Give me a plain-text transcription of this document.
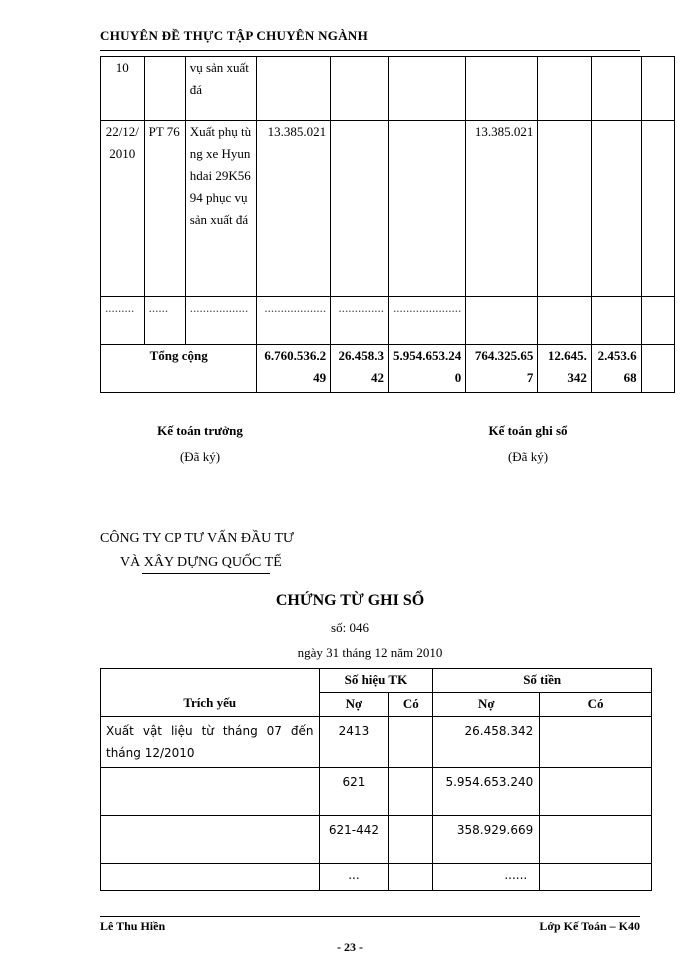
CHUYÊN ĐỀ THỰC TẬP CHUYÊN NGÀNH
10		vụ sản xuất đá							
22/12/2010	PT 76	Xuất phụ tùng xe Hyunhdai 29K5694 phục vụ sản xuất đá	13.385.021			13.385.021			
.........	......	..................	...................	..............	.....................				
Tổng cộng			6.760.536.249	26.458.342	5.954.653.240	764.325.657	12.645.342	2.453.668	
Kế toán trưởng
(Đã ký)
Kế toán ghi sổ
(Đã ký)
CÔNG TY CP TƯ VẤN ĐẦU TƯ
VÀ XÂY DỰNG QUỐC TẾ
CHỨNG TỪ GHI SỔ
số: 046
ngày 31 tháng 12 năm 2010
Trích yếu	Số hiệu TK		Số tiền	
	Nợ	Có	Nợ	Có
Xuất vật liệu từ tháng 07 đến tháng 12/2010	2413		26.458.342	
	621		5.954.653.240	
	621-442		358.929.669	
	...		......	
Lê Thu Hiền	Lớp Kế Toán – K40
- 23 -
